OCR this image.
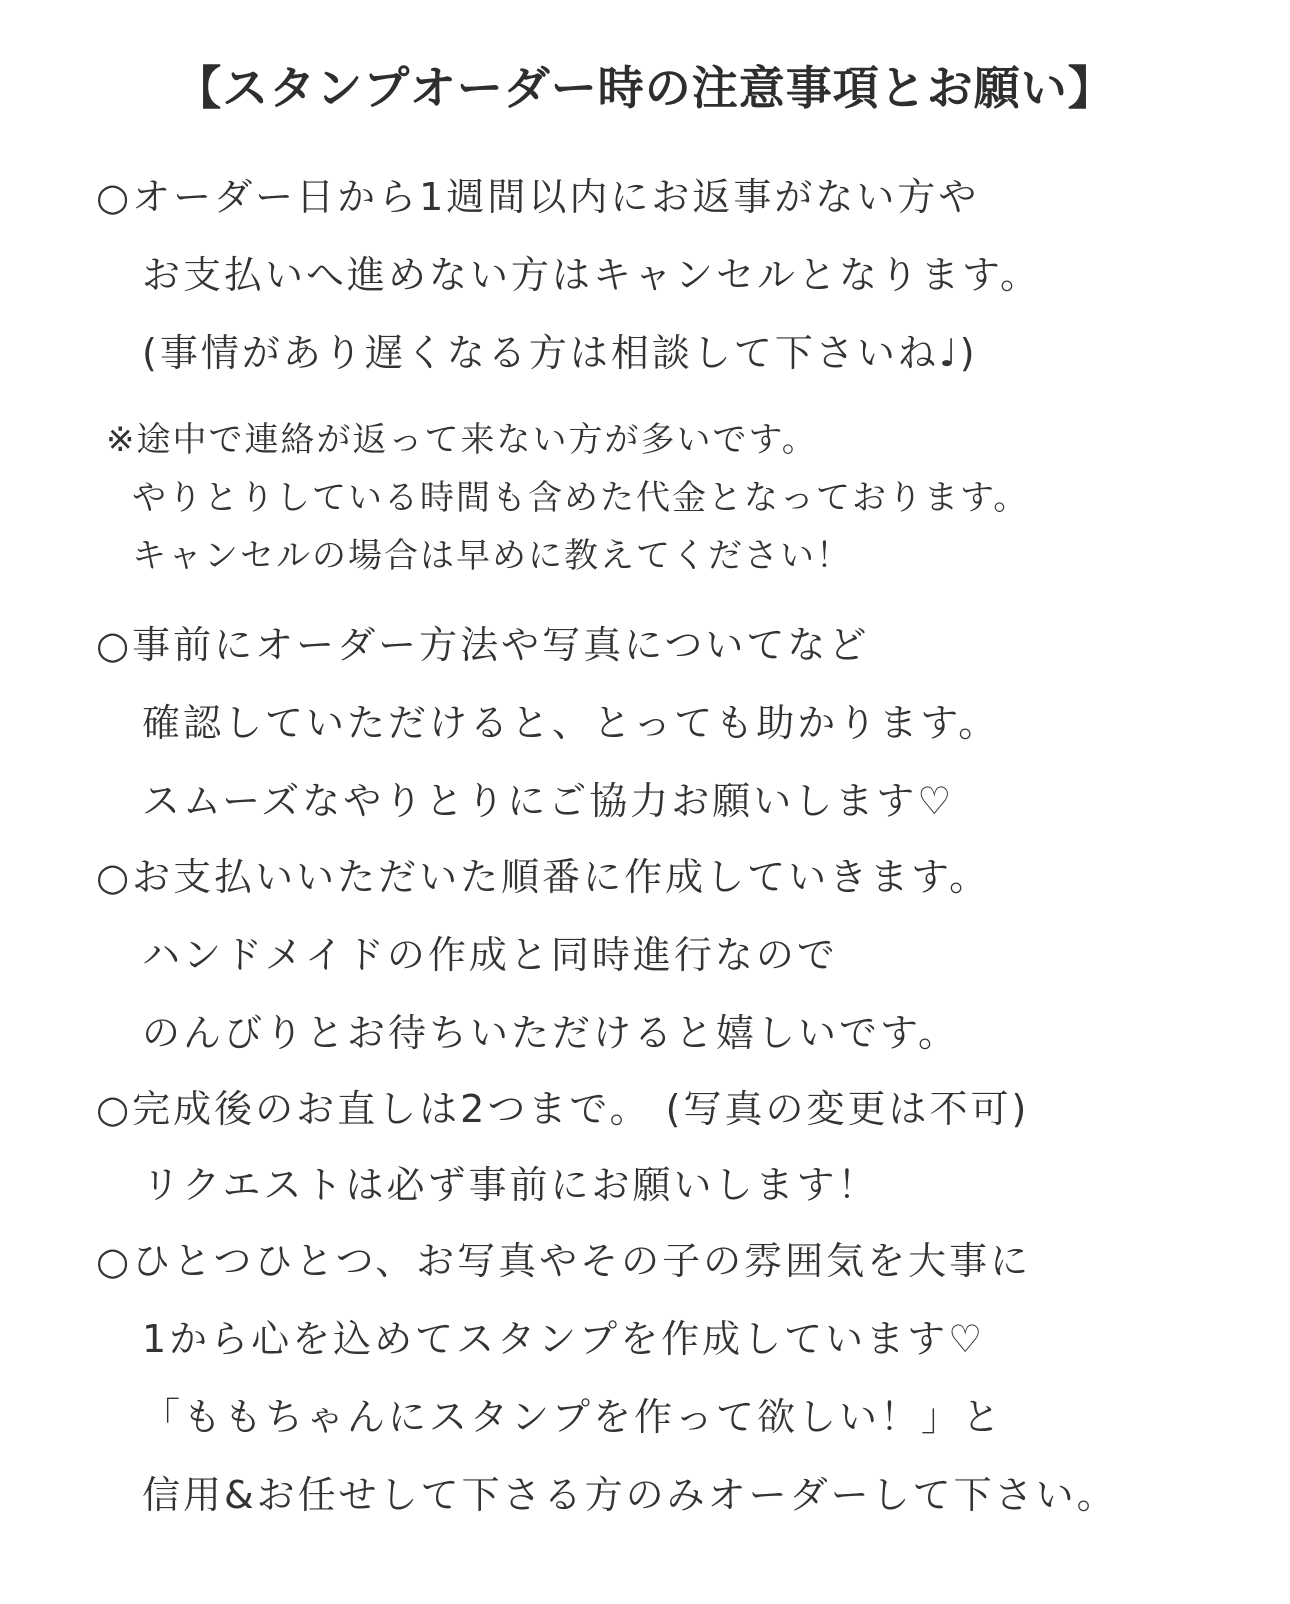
【スタンプオーダー時の注意事項とお願い】
○オーダー日から1週間以内にお返事がない方や
お支払いへ進めない方はキャンセルとなります。
(事情があり遅くなる方は相談して下さいね♩)
※途中で連絡が返って来ない方が多いです。
やりとりしている時間も含めた代金となっております。
キャンセルの場合は早めに教えてください！
○事前にオーダー方法や写真についてなど
確認していただけると、とっても助かります。
スムーズなやりとりにご協力お願いします♡
○お支払いいただいた順番に作成していきます。
ハンドメイドの作成と同時進行なので
のんびりとお待ちいただけると嬉しいです。
○完成後のお直しは2つまで。 (写真の変更は不可)
リクエストは必ず事前にお願いします！
○ひとつひとつ、お写真やその子の雰囲気を大事に
1から心を込めてスタンプを作成しています♡
「ももちゃんにスタンプを作って欲しい！」と
信用&お任せして下さる方のみオーダーして下さい。
